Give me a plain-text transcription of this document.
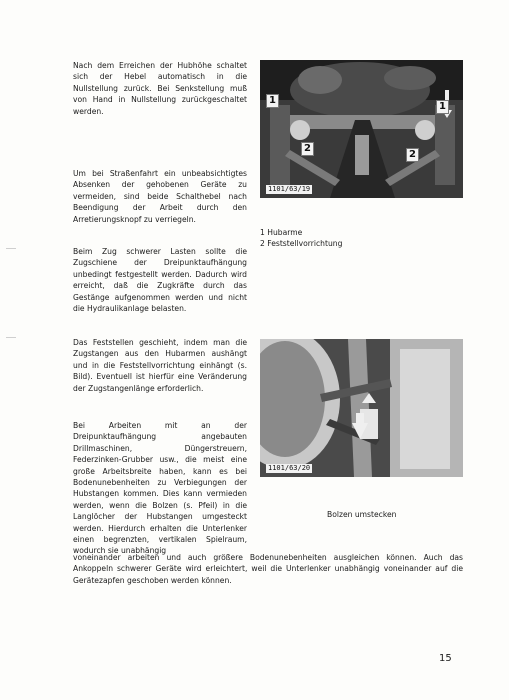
Nach dem Erreichen der Hubhöhe schaltet sich der Hebel automatisch in die Nullstellung zurück. Bei Senkstellung muß von Hand in Nullstellung zurückgeschaltet werden.

Um bei Straßenfahrt ein unbeabsichtigtes Absenken der gehobenen Geräte zu vermeiden, sind beide Schalthebel nach Beendigung der Arbeit durch den Arretierungsknopf zu verriegeln.

Beim Zug schwerer Lasten sollte die Zugschiene der Dreipunktaufhängung unbedingt festgestellt werden. Dadurch wird erreicht, daß die Zugkräfte durch das Gestänge aufgenommen werden und nicht die Hydraulikanlage belasten.

Das Feststellen geschieht, indem man die Zugstangen aus den Hubarmen aushängt und in die Feststellvorrichtung einhängt (s. Bild). Eventuell ist hierfür eine Veränderung der Zugstangenlänge erforderlich.

Bei Arbeiten mit an der Dreipunktaufhängung angebauten Drillmaschinen, Düngerstreuern, Federzinken-Grubber usw., die meist eine große Arbeitsbreite haben, kann es bei Bodenunebenheiten zu Verbiegungen der Hubstangen kommen. Dies kann vermieden werden, wenn die Bolzen (s. Pfeil) in die Langlöcher der Hubstangen umgesteckt werden. Hierdurch erhalten die Unterlenker einen begrenzten, vertikalen Spielraum, wodurch sie unabhängig

voneinander arbeiten und auch größere Bodenunebenheiten ausgleichen können. Auch das Ankoppeln schwerer Geräte wird erleichtert, weil die Unterlenker unabhängig voneinander auf die Gerätezapfen geschoben werden können.

1
1
2
2
1101/63/19
1 Hubarme
2 Feststellvorrichtung
1101/63/20
Bolzen umstecken
15
